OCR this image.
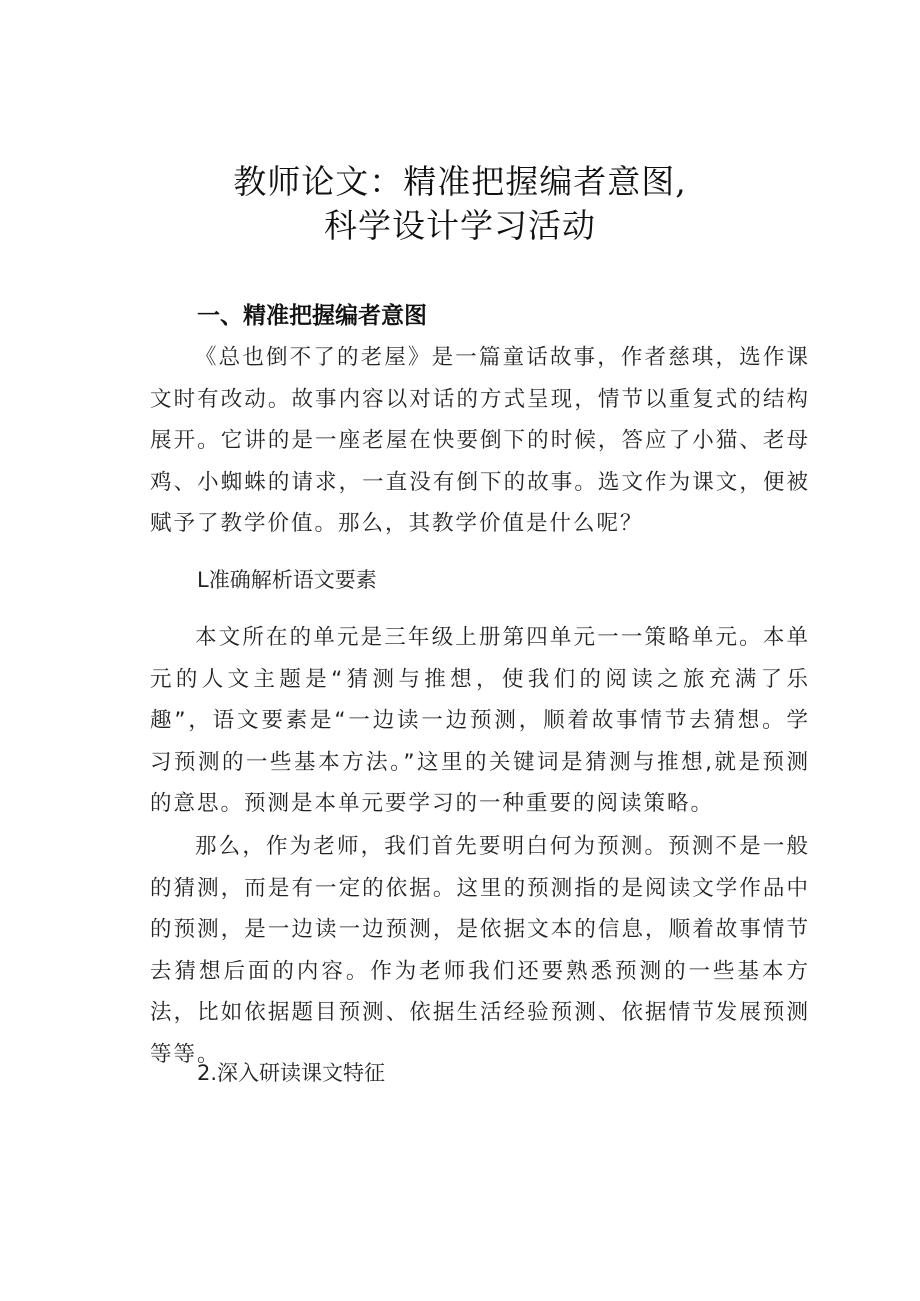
教师论文：精准把握编者意图,
科学设计学习活动
一、精准把握编者意图

《总也倒不了的老屋》是一篇童话故事，作者慈琪，选作课文时有改动。故事内容以对话的方式呈现，情节以重复式的结构展开。它讲的是一座老屋在快要倒下的时候，答应了小猫、老母鸡、小蜘蛛的请求，一直没有倒下的故事。选文作为课文，便被赋予了教学价值。那么，其教学价值是什么呢？

L准确解析语文要素

本文所在的单元是三年级上册第四单元一一策略单元。本单元的人文主题是“猜测与推想，使我们的阅读之旅充满了乐趣”，语文要素是“一边读一边预测，顺着故事情节去猜想。学习预测的一些基本方法。”这里的关键词是猜测与推想,就是预测的意思。预测是本单元要学习的一种重要的阅读策略。

那么，作为老师，我们首先要明白何为预测。预测不是一般的猜测，而是有一定的依据。这里的预测指的是阅读文学作品中的预测，是一边读一边预测，是依据文本的信息，顺着故事情节去猜想后面的内容。作为老师我们还要熟悉预测的一些基本方法，比如依据题目预测、依据生活经验预测、依据情节发展预测等等。

2.深入研读课文特征
